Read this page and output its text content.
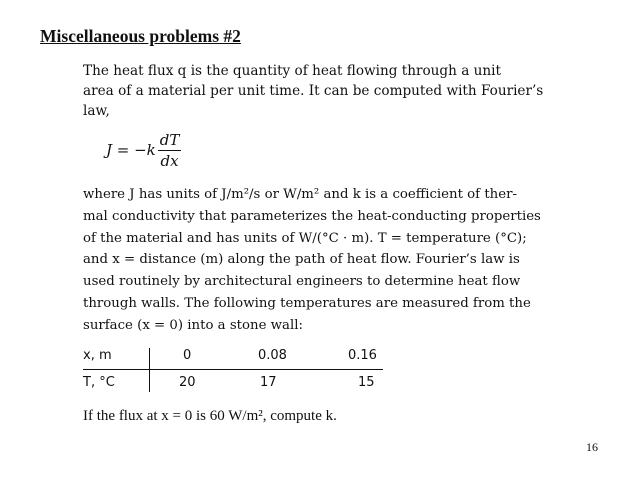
Miscellaneous problems #2
The heat flux q is the quantity of heat flowing through a unit
area of a material per unit time. It can be computed with Fourier’s
law,
$J = -k \frac{dT}{dx}$
where J has units of J/m²/s or W/m² and k is a coefficient of ther-
mal conductivity that parameterizes the heat-conducting properties
of the material and has units of W/(°C · m). T = temperature (°C);
and x = distance (m) along the path of heat flow. Fourier’s law is
used routinely by architectural engineers to determine heat flow
through walls. The following temperatures are measured from the
surface (x = 0) into a stone wall:
x, m	0	0.08	0.16
T, °C	20	17	15
If the flux at x = 0 is 60 W/m², compute k.
16
